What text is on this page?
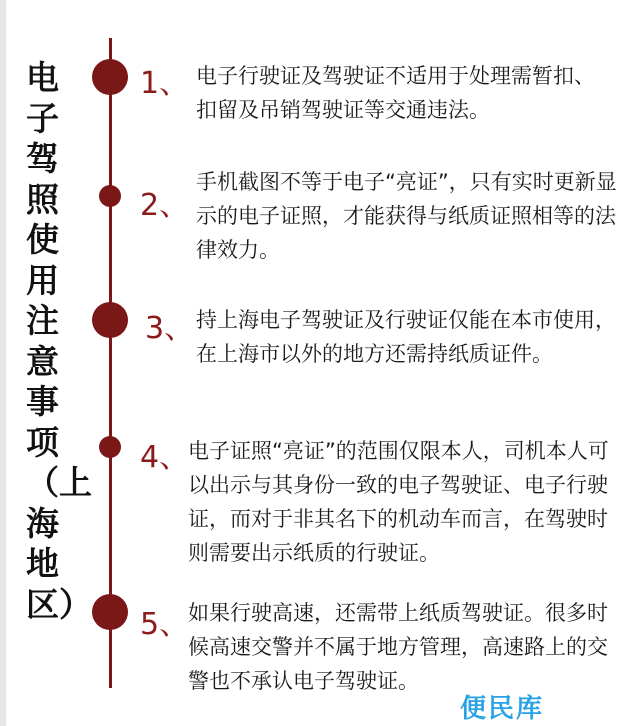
电
子
驾
照
使
用
注
意
事
项
（上
海
地
区）
1、 电子行驶证及驾驶证不适用于处理需暂扣、扣留及吊销驾驶证等交通违法。
2、
手机截图不等于电子“亮证”，只有实时更新显示的电子证照，才能获得与纸质证照相等的法律效力。
3、 持上海电子驾驶证及行驶证仅能在本市使用，在上海市以外的地方还需持纸质证件。
4、
电子证照“亮证”的范围仅限本人，司机本人可以出示与其身份一致的电子驾驶证、电子行驶证，而对于非其名下的机动车而言，在驾驶时则需要出示纸质的行驶证。
5、
如果行驶高速，还需带上纸质驾驶证。很多时候高速交警并不属于地方管理，高速路上的交警也不承认电子驾驶证。
便民库
